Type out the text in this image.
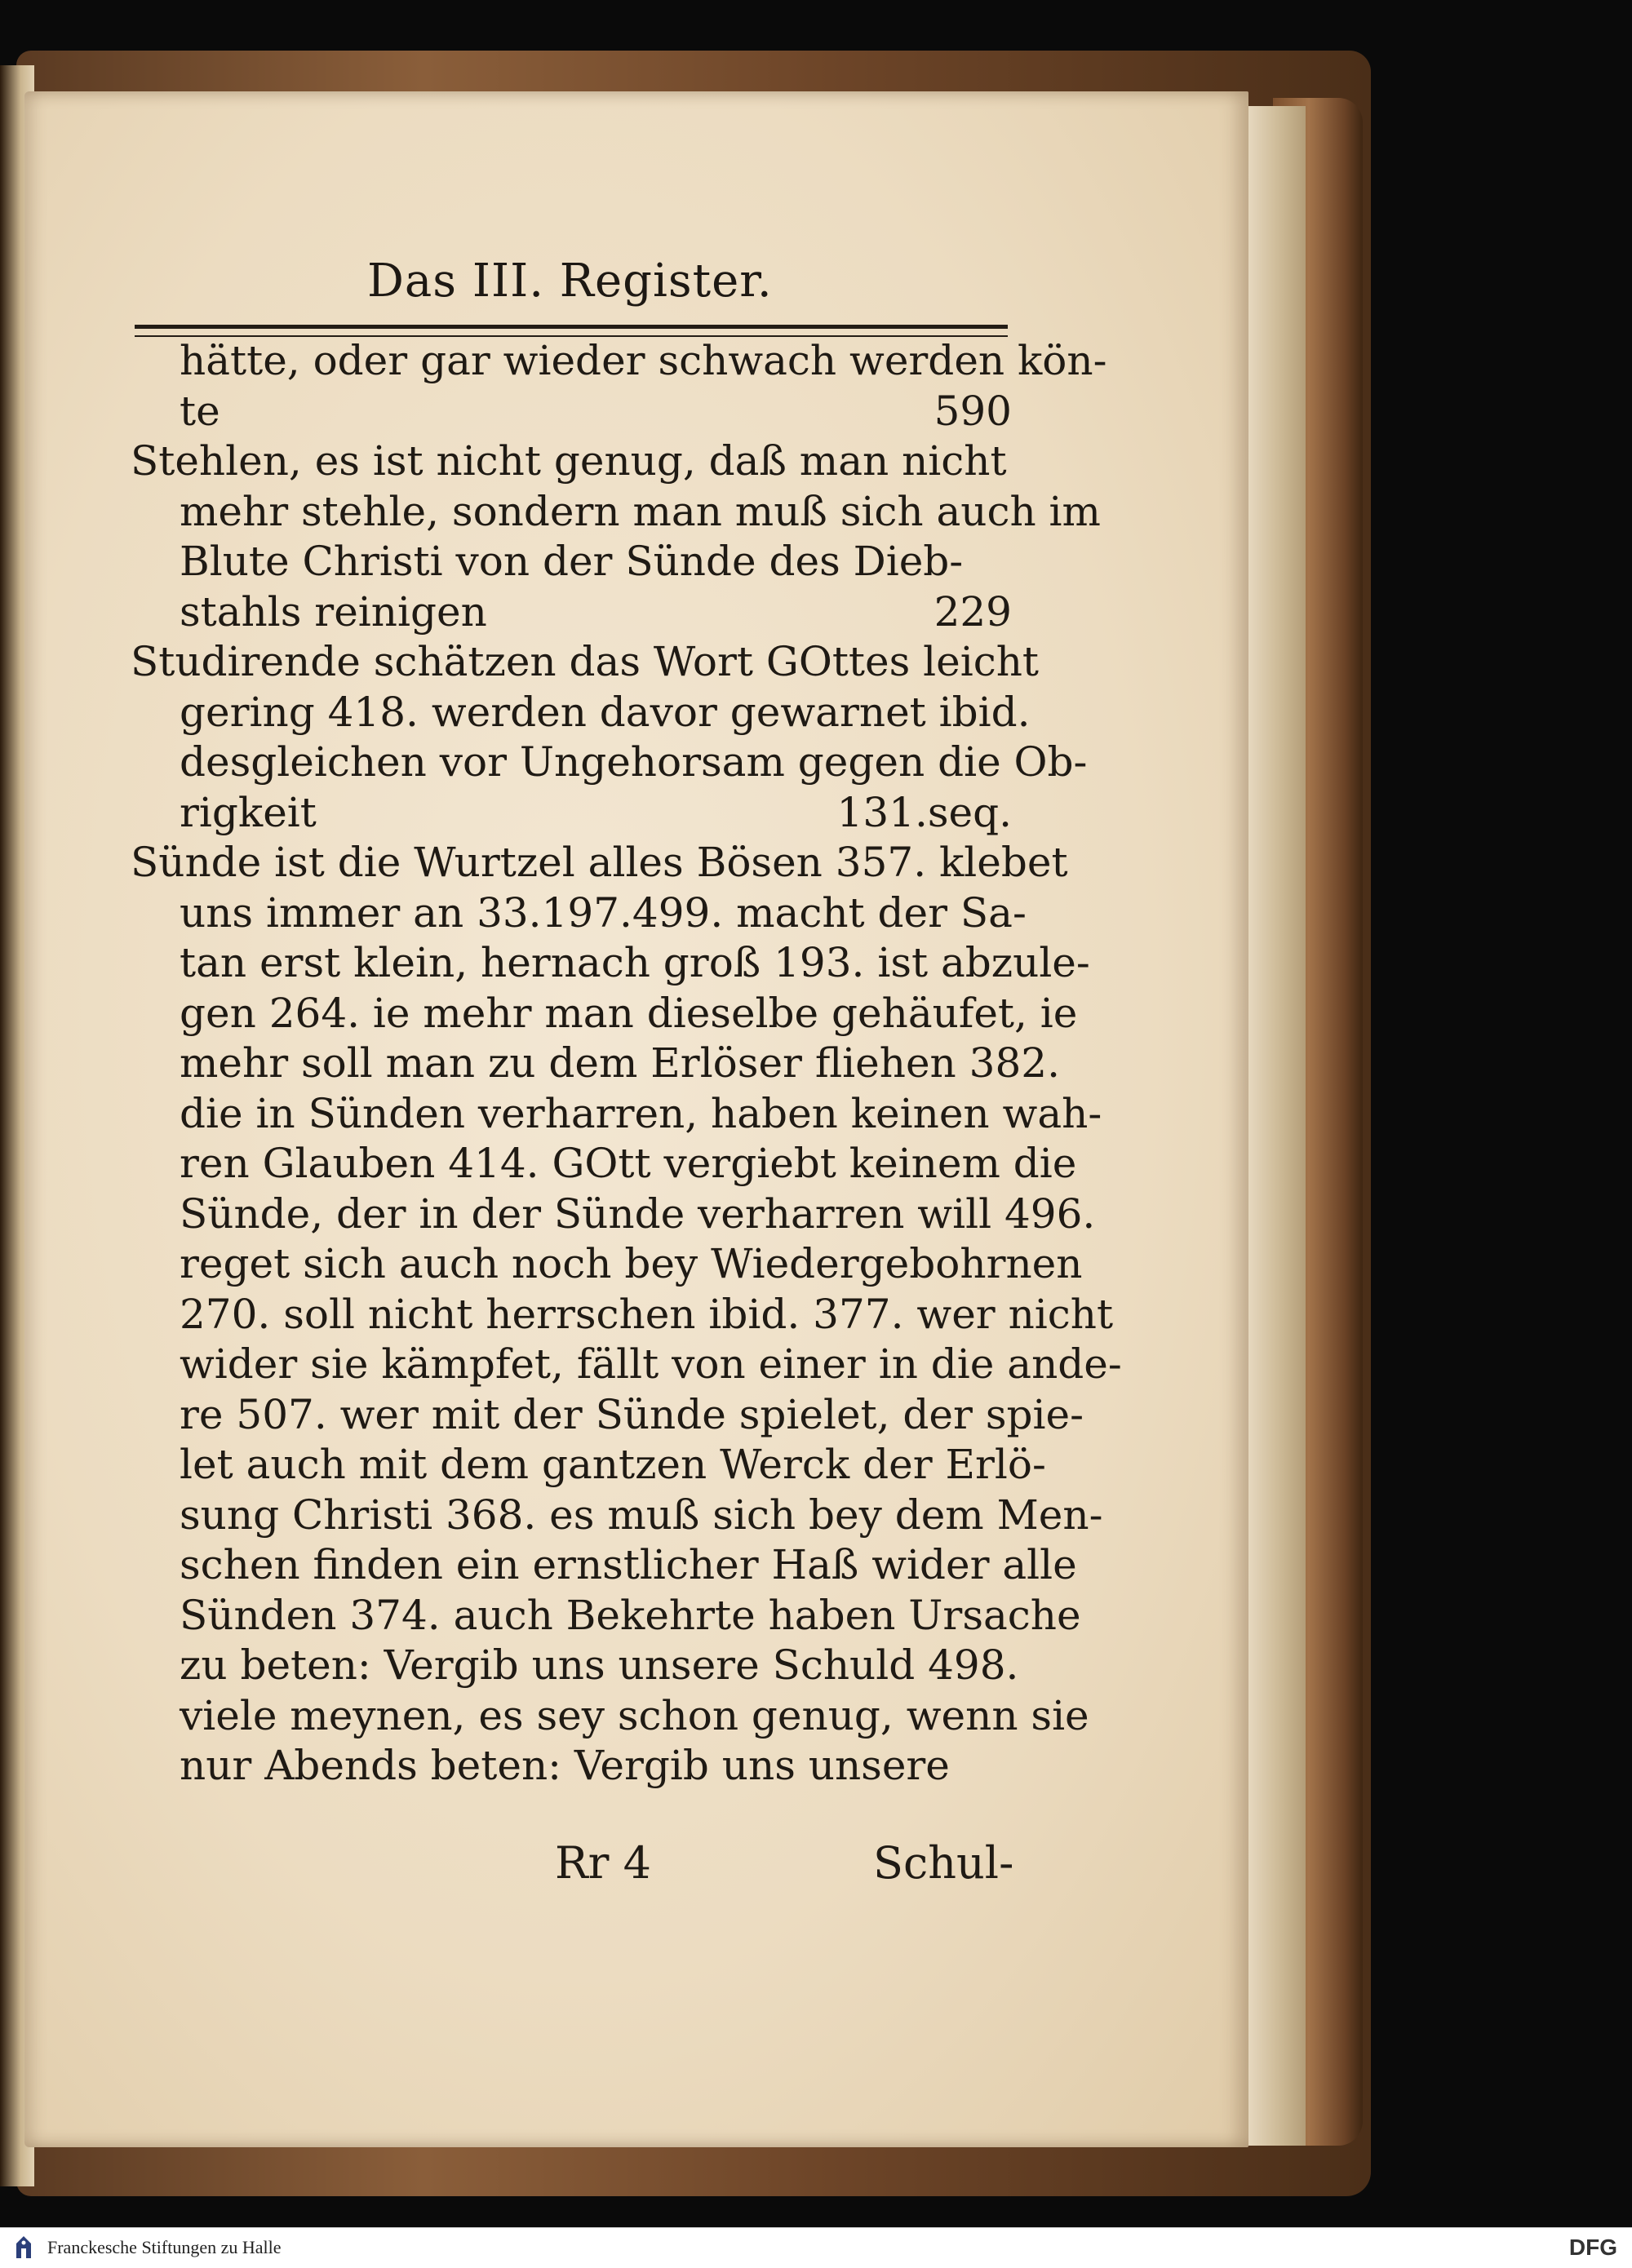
Das III. Register.
hätte, oder gar wieder schwach werden kön-
te	590
Stehlen, es ist nicht genug, daß man nicht
mehr stehle, sondern man muß sich auch im
Blute Christi von der Sünde des Dieb-
stahls reinigen	229
Studirende schätzen das Wort GOttes leicht
gering 418. werden davor gewarnet ibid.
desgleichen vor Ungehorsam gegen die Ob-
rigkeit	131.seq.
Sünde ist die Wurtzel alles Bösen 357. klebet
uns immer an 33.197.499. macht der Sa-
tan erst klein, hernach groß 193. ist abzule-
gen 264. ie mehr man dieselbe gehäufet, ie
mehr soll man zu dem Erlöser fliehen 382.
die in Sünden verharren, haben keinen wah-
ren Glauben 414. GOtt vergiebt keinem die
Sünde, der in der Sünde verharren will 496.
reget sich auch noch bey Wiedergebohrnen
270. soll nicht herrschen ibid. 377. wer nicht
wider sie kämpfet, fällt von einer in die ande-
re 507. wer mit der Sünde spielet, der spie-
let auch mit dem gantzen Werck der Erlö-
sung Christi 368. es muß sich bey dem Men-
schen finden ein ernstlicher Haß wider alle
Sünden 374. auch Bekehrte haben Ursache
zu beten: Vergib uns unsere Schuld 498.
viele meynen, es sey schon genug, wenn sie
nur Abends beten: Vergib uns unsere
Rr 4	Schul-
Franckesche Stiftungen zu Halle	DFG
